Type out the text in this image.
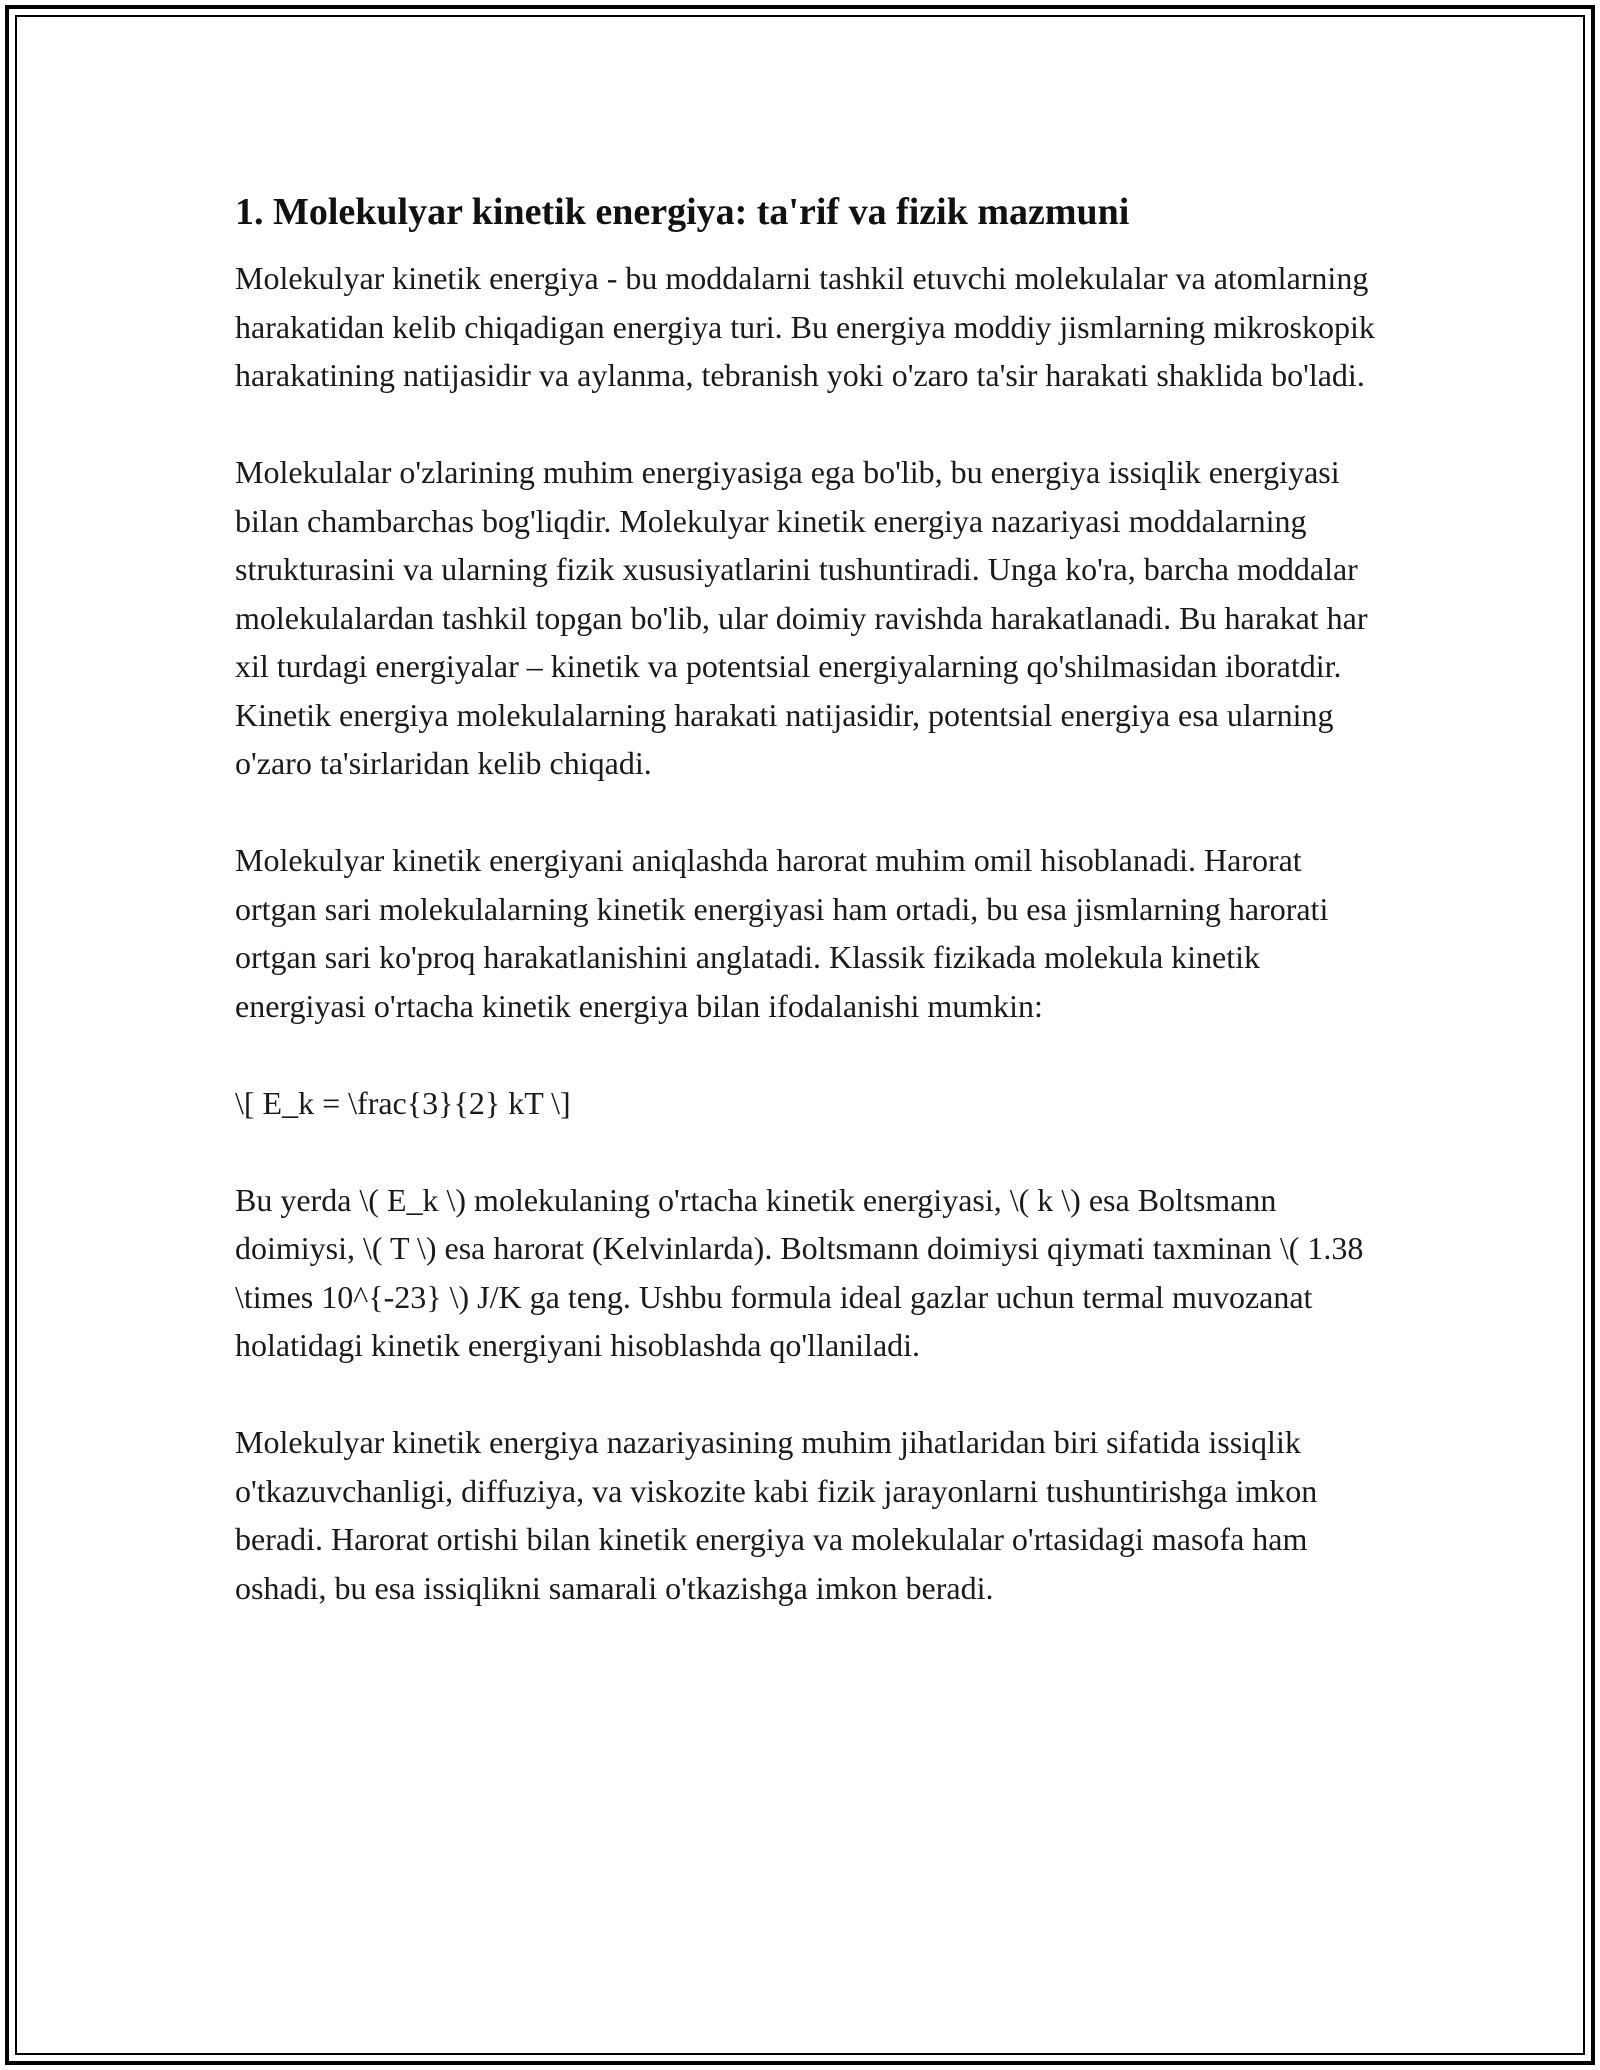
1. Molekulyar kinetik energiya: ta'rif va fizik mazmuni

Molekulyar kinetik energiya - bu moddalarni tashkil etuvchi molekulalar va atomlarning harakatidan kelib chiqadigan energiya turi. Bu energiya moddiy jismlarning mikroskopik harakatining natijasidir va aylanma, tebranish yoki o'zaro ta'sir harakati shaklida bo'ladi.

Molekulalar o'zlarining muhim energiyasiga ega bo'lib, bu energiya issiqlik energiyasi bilan chambarchas bog'liqdir. Molekulyar kinetik energiya nazariyasi moddalarning strukturasini va ularning fizik xususiyatlarini tushuntiradi. Unga ko'ra, barcha moddalar molekulalardan tashkil topgan bo'lib, ular doimiy ravishda harakatlanadi. Bu harakat har xil turdagi energiyalar – kinetik va potentsial energiyalarning qo'shilmasidan iboratdir. Kinetik energiya molekulalarning harakati natijasidir, potentsial energiya esa ularning o'zaro ta'sirlaridan kelib chiqadi.

Molekulyar kinetik energiyani aniqlashda harorat muhim omil hisoblanadi. Harorat ortgan sari molekulalarning kinetik energiyasi ham ortadi, bu esa jismlarning harorati ortgan sari ko'proq harakatlanishini anglatadi. Klassik fizikada molekula kinetik energiyasi o'rtacha kinetik energiya bilan ifodalanishi mumkin:

\[ E_k = \frac{3}{2} kT \]

Bu yerda \( E_k \) molekulaning o'rtacha kinetik energiyasi, \( k \) esa Boltsmann doimiysi, \( T \) esa harorat (Kelvinlarda). Boltsmann doimiysi qiymati taxminan \( 1.38 \times 10^{-23} \) J/K ga teng. Ushbu formula ideal gazlar uchun termal muvozanat holatidagi kinetik energiyani hisoblashda qo'llaniladi.

Molekulyar kinetik energiya nazariyasining muhim jihatlaridan biri sifatida issiqlik o'tkazuvchanligi, diffuziya, va viskozite kabi fizik jarayonlarni tushuntirishga imkon beradi. Harorat ortishi bilan kinetik energiya va molekulalar o'rtasidagi masofa ham oshadi, bu esa issiqlikni samarali o'tkazishga imkon beradi.
